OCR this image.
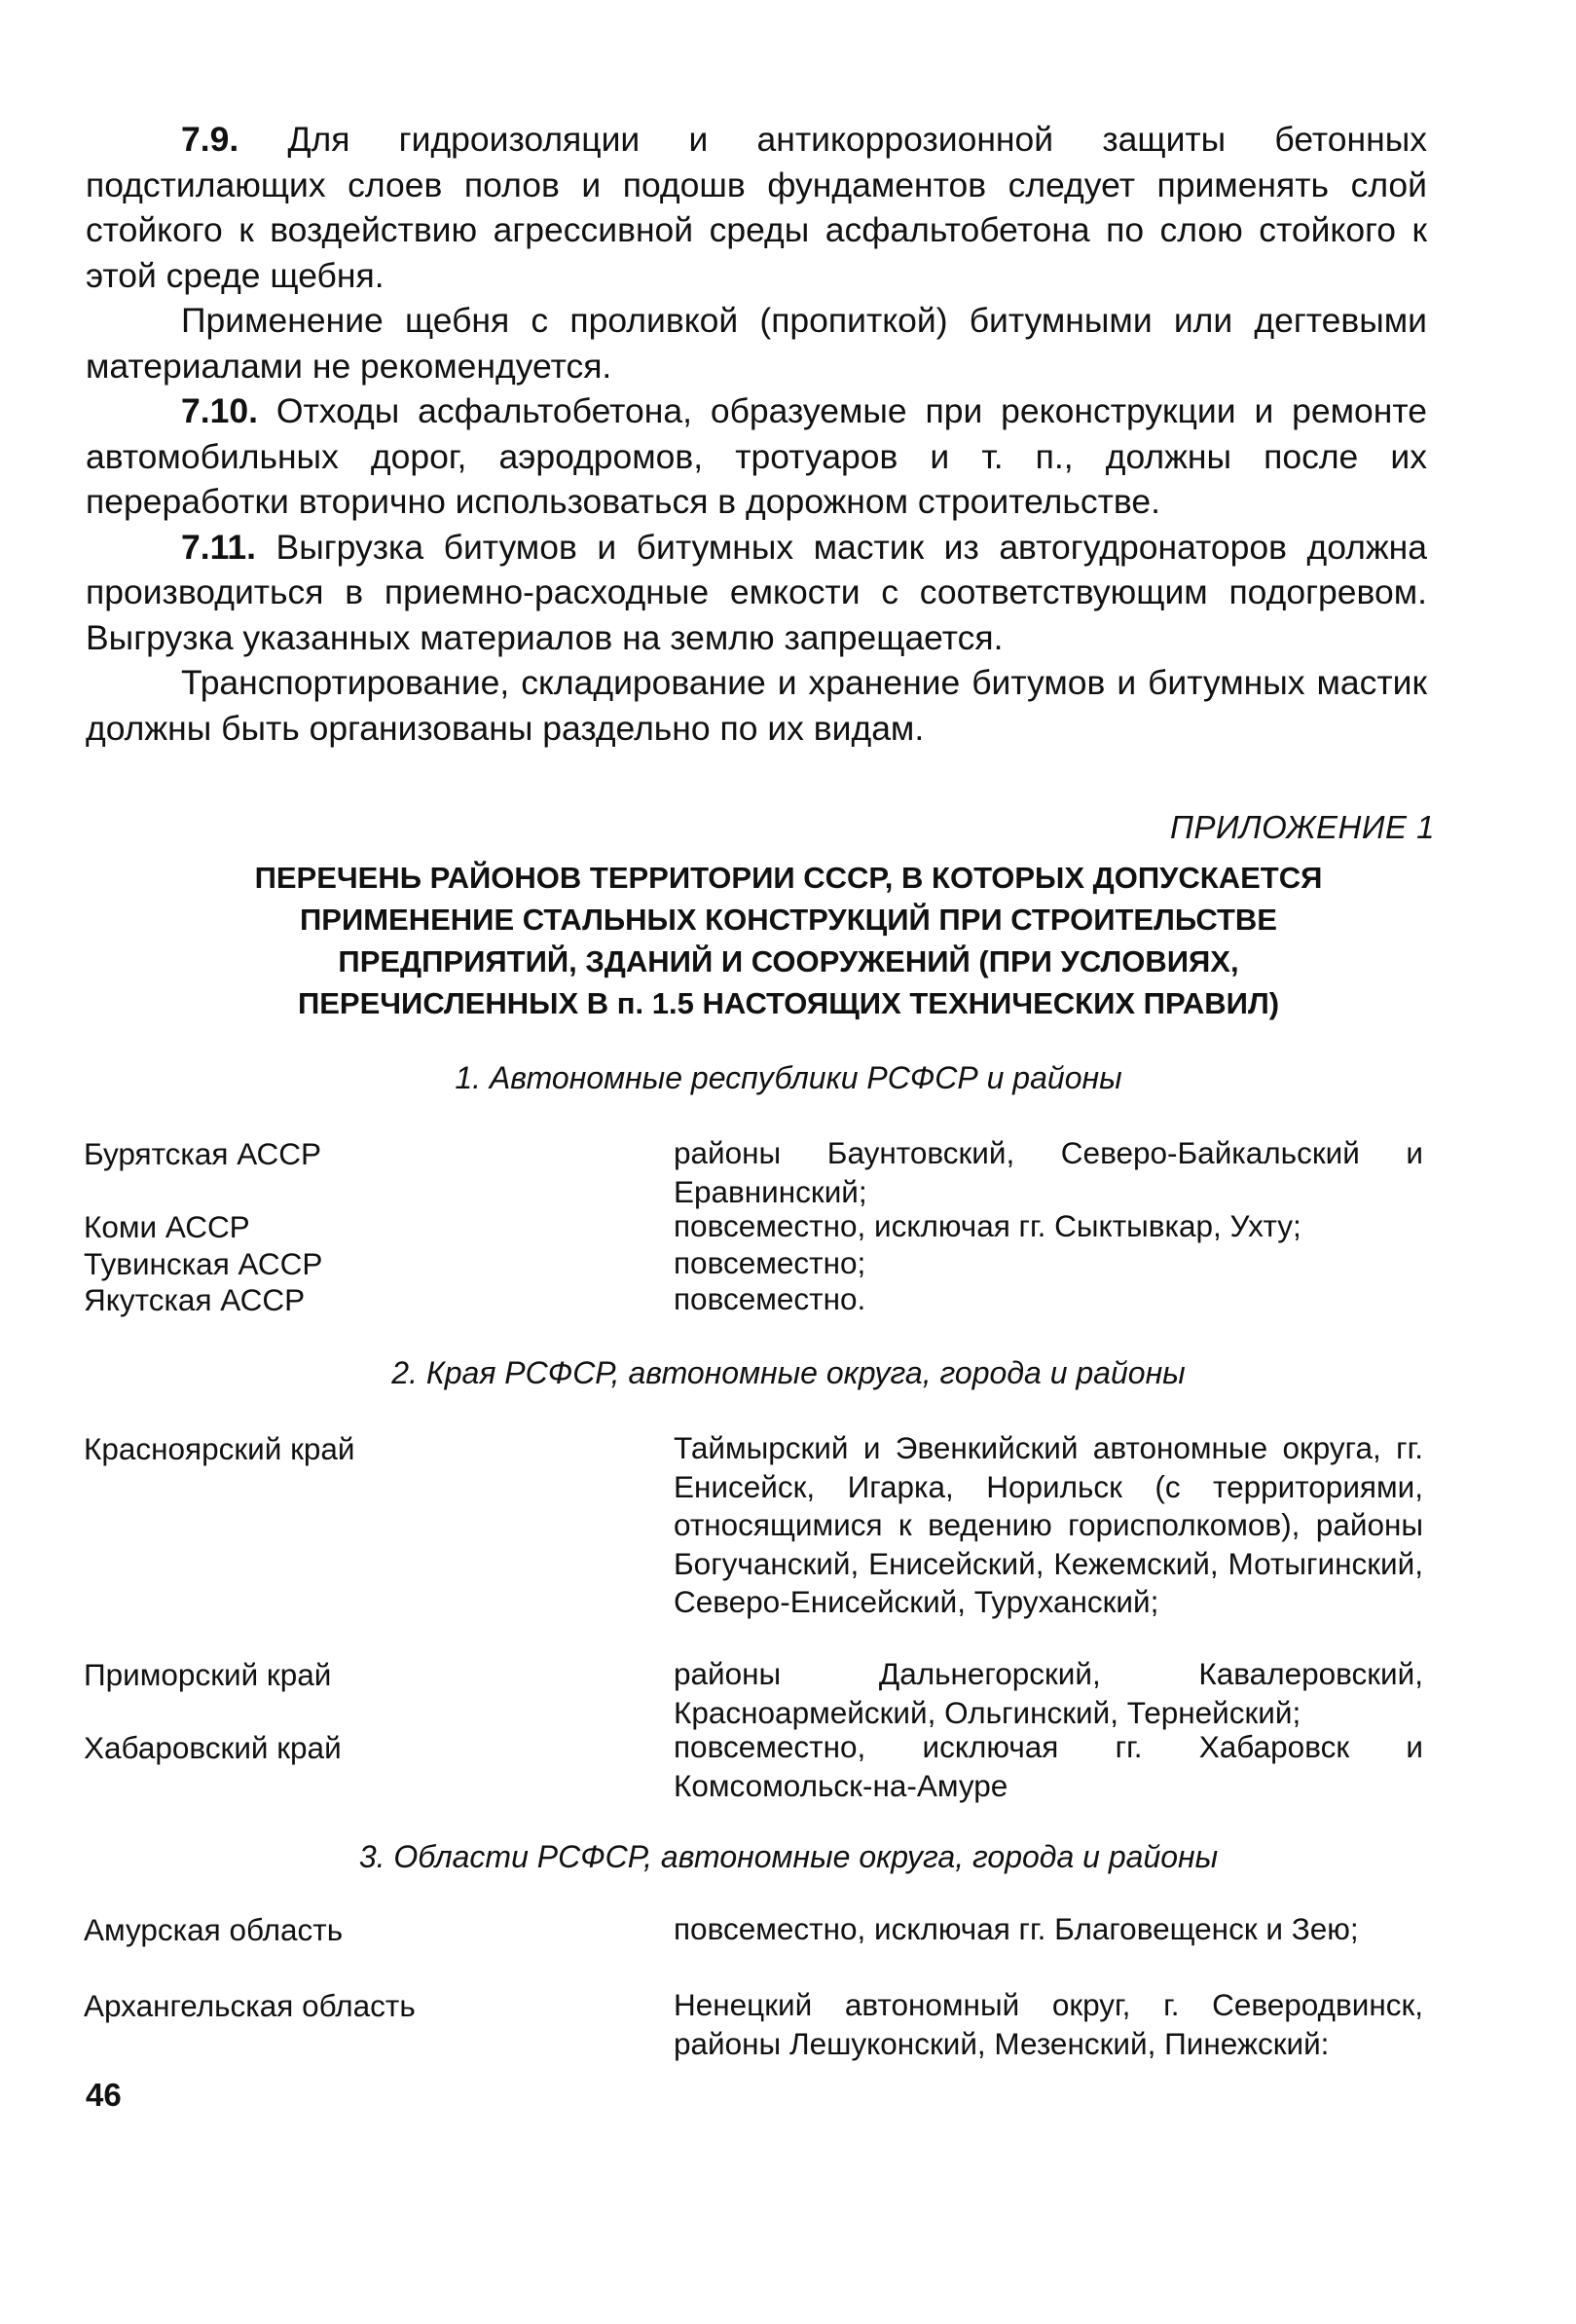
7.9. Для гидроизоляции и антикоррозионной защиты бетонных подстилающих слоев полов и подошв фундаментов следует применять слой стойкого к воздействию агрессивной среды асфальтобетона по слою стойкого к этой среде щебня.

Применение щебня с проливкой (пропиткой) битумными или дегтевыми материалами не рекомендуется.

7.10. Отходы асфальтобетона, образуемые при реконструкции и ремонте автомобильных дорог, аэродромов, тротуаров и т. п., должны после их переработки вторично использоваться в дорожном строительстве.

7.11. Выгрузка битумов и битумных мастик из автогудронаторов должна производиться в приемно-расходные емкости с соответствующим подогревом. Выгрузка указанных материалов на землю запрещается.

Транспортирование, складирование и хранение битумов и битумных мастик должны быть организованы раздельно по их видам.

ПРИЛОЖЕНИЕ 1
ПЕРЕЧЕНЬ РАЙОНОВ ТЕРРИТОРИИ СССР, В КОТОРЫХ ДОПУСКАЕТСЯ
ПРИМЕНЕНИЕ СТАЛЬНЫХ КОНСТРУКЦИЙ ПРИ СТРОИТЕЛЬСТВЕ
ПРЕДПРИЯТИЙ, ЗДАНИЙ И СООРУЖЕНИЙ (ПРИ УСЛОВИЯХ,
ПЕРЕЧИСЛЕННЫХ В п. 1.5 НАСТОЯЩИХ ТЕХНИЧЕСКИХ ПРАВИЛ)
1. Автономные республики РСФСР и районы
Бурятская АССР	районы Баунтовский, Северо-Байкальский и Еравнинский;
Коми АССР	повсеместно, исключая гг. Сыктывкар, Ухту;
Тувинская АССР	повсеместно;
Якутская АССР	повсеместно.
2. Края РСФСР, автономные округа, города и районы
Красноярский край	Таймырский и Эвенкийский автономные округа, гг. Енисейск, Игарка, Норильск (с территориями, относящимися к ведению горисполкомов), районы Богучанский, Енисейский, Кежемский, Мотыгинский, Северо-Енисейский, Туруханский;
Приморский край	районы Дальнегорский, Кавалеровский, Красноармейский, Ольгинский, Тернейский;
Хабаровский край	повсеместно, исключая гг. Хабаровск и Комсомольск-на-Амуре
3. Области РСФСР, автономные округа, города и районы
Амурская область	повсеместно, исключая гг. Благовещенск и Зею;
Архангельская область	Ненецкий автономный округ, г. Северодвинск, районы Лешуконский, Мезенский, Пинежский:
46
